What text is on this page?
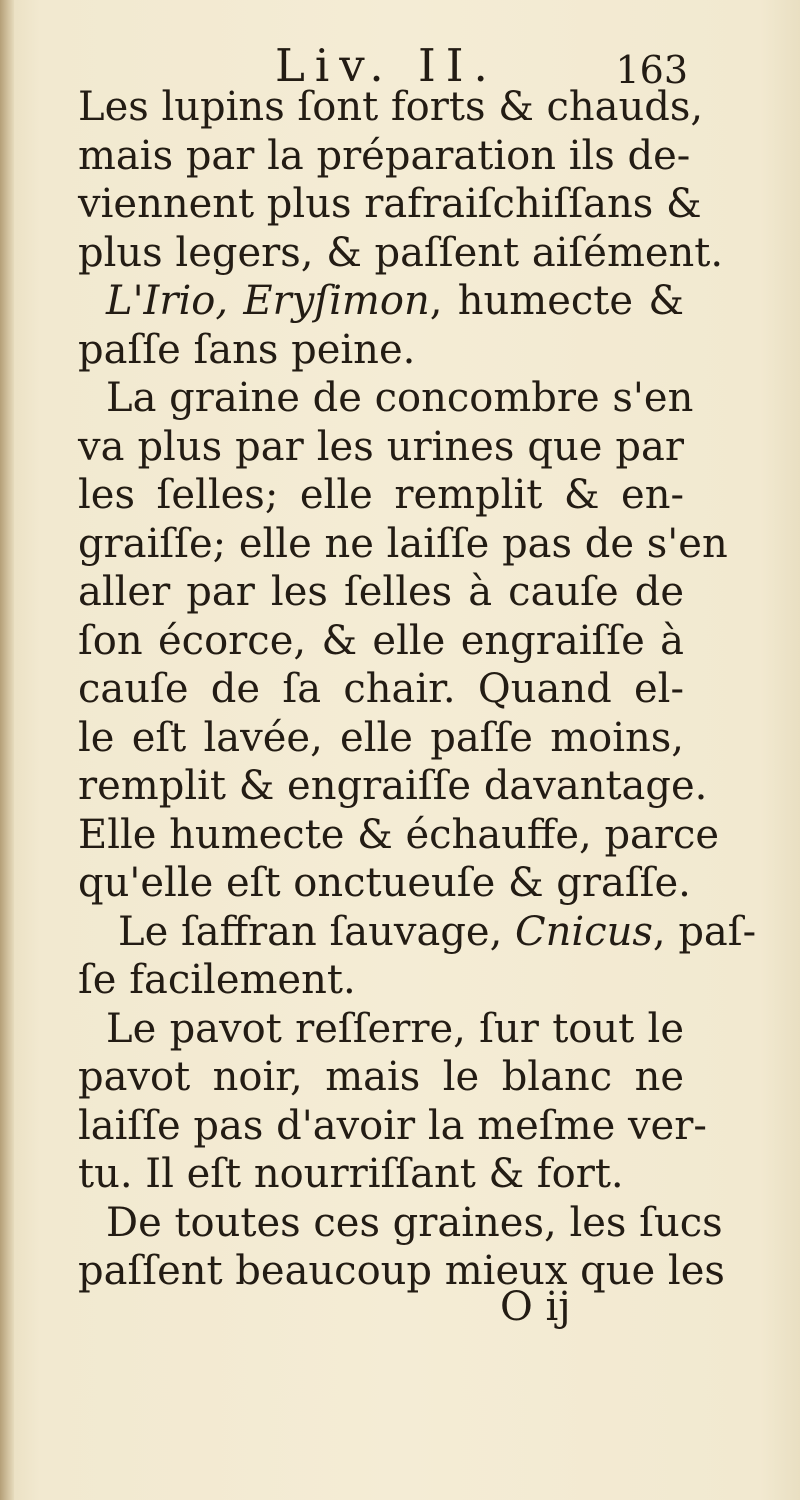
Liv. II.	163
Les lupins ſont forts & chauds,
mais par la préparation ils de-
viennent plus rafraiſchiſſans &
plus legers, & paſſent aiſément.
L'Irio, Eryſimon, humecte &
paſſe ſans peine.
La graine de concombre s'en
va plus par les urines que par
les ſelles; elle remplit & en-
graiſſe; elle ne laiſſe pas de s'en
aller par les ſelles à cauſe de
ſon écorce, & elle engraiſſe à
cauſe de ſa chair. Quand el-
le eſt lavée, elle paſſe moins,
remplit & engraiſſe davantage.
Elle humecte & échauffe, parce
qu'elle eſt onctueuſe & graſſe.
Le ſaffran ſauvage, Cnicus, paſ-
ſe facilement.
Le pavot reſſerre, ſur tout le
pavot noir, mais le blanc ne
laiſſe pas d'avoir la meſme ver-
tu. Il eſt nourriſſant & fort.
De toutes ces graines, les ſucs
paſſent beaucoup mieux que les
O ij
